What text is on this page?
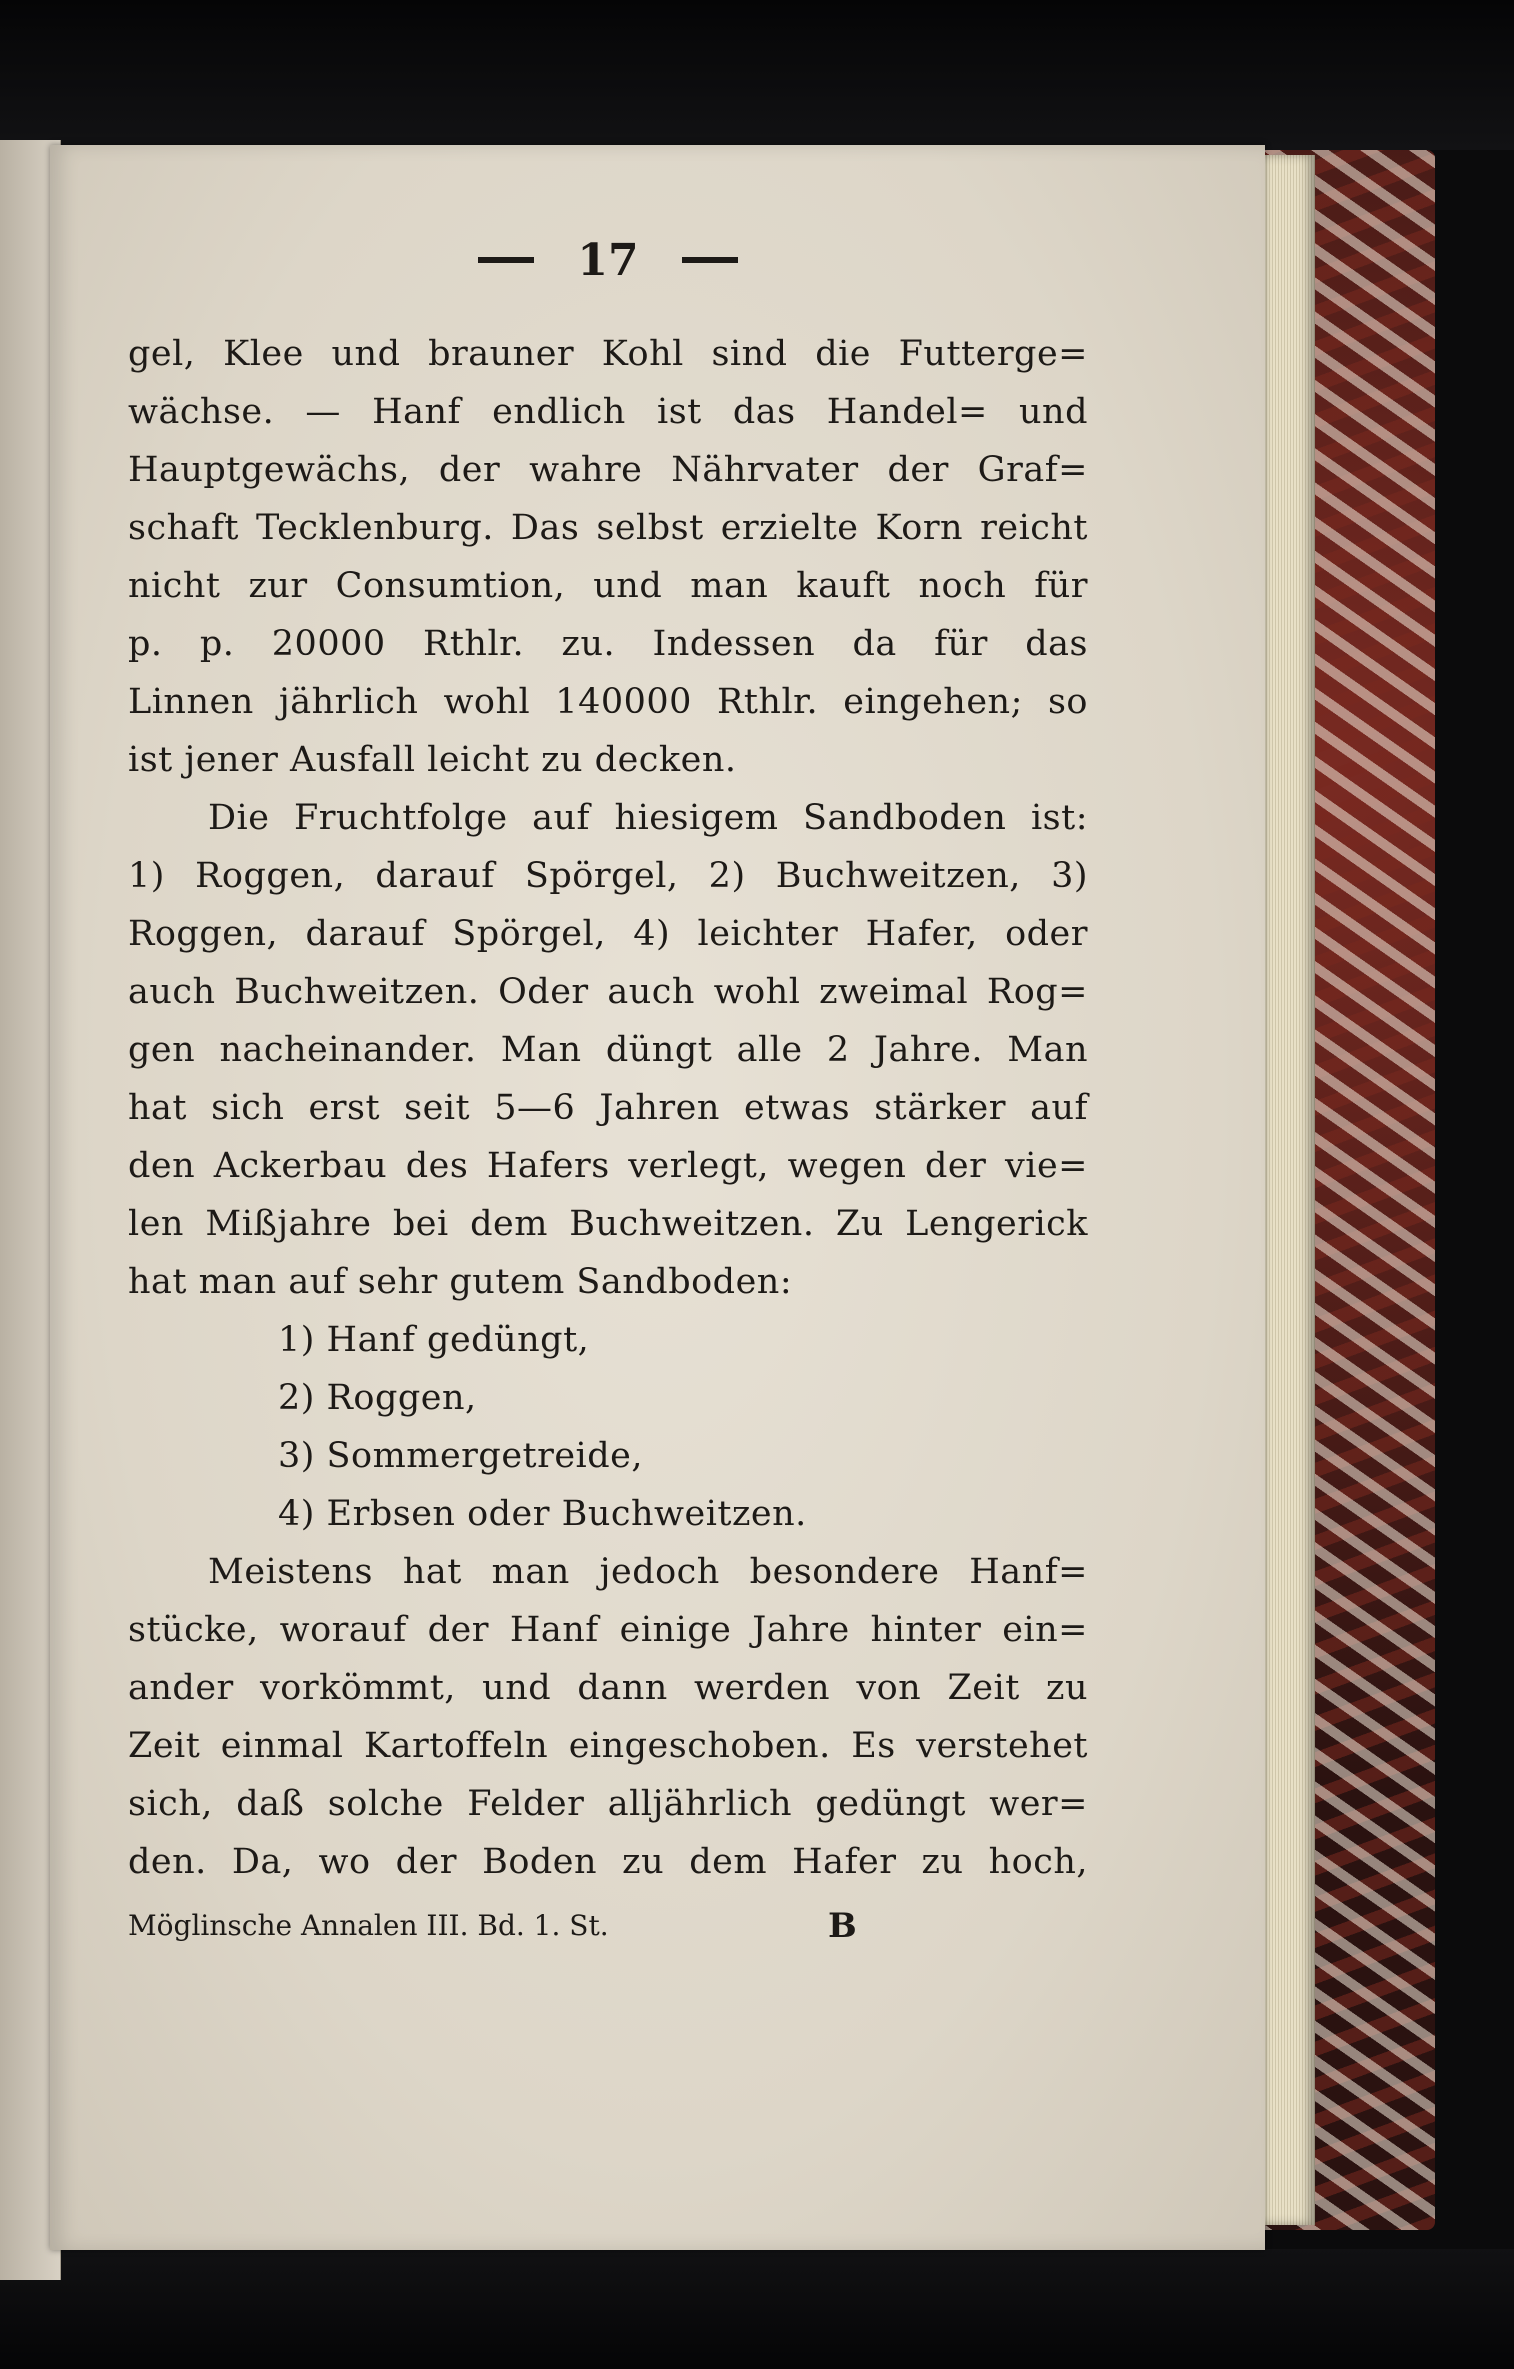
17
gel, Klee und brauner Kohl sind die Futterge=
wächse. — Hanf endlich ist das Handel= und
Hauptgewächs, der wahre Nährvater der Graf=
schaft Tecklenburg. Das selbst erzielte Korn reicht
nicht zur Consumtion, und man kauft noch für
p. p. 20000 Rthlr. zu. Indessen da für das
Linnen jährlich wohl 140000 Rthlr. eingehen; so
ist jener Ausfall leicht zu decken.
Die Fruchtfolge auf hiesigem Sandboden ist:
1) Roggen, darauf Spörgel, 2) Buchweitzen, 3)
Roggen, darauf Spörgel, 4) leichter Hafer, oder
auch Buchweitzen. Oder auch wohl zweimal Rog=
gen nacheinander. Man düngt alle 2 Jahre. Man
hat sich erst seit 5—6 Jahren etwas stärker auf
den Ackerbau des Hafers verlegt, wegen der vie=
len Mißjahre bei dem Buchweitzen. Zu Lengerick
hat man auf sehr gutem Sandboden:
1) Hanf gedüngt,
2) Roggen,
3) Sommergetreide,
4) Erbsen oder Buchweitzen.
Meistens hat man jedoch besondere Hanf=
stücke, worauf der Hanf einige Jahre hinter ein=
ander vorkömmt, und dann werden von Zeit zu
Zeit einmal Kartoffeln eingeschoben. Es verstehet
sich, daß solche Felder alljährlich gedüngt wer=
den. Da, wo der Boden zu dem Hafer zu hoch,
Möglinsche Annalen III. Bd. 1. St.	B
